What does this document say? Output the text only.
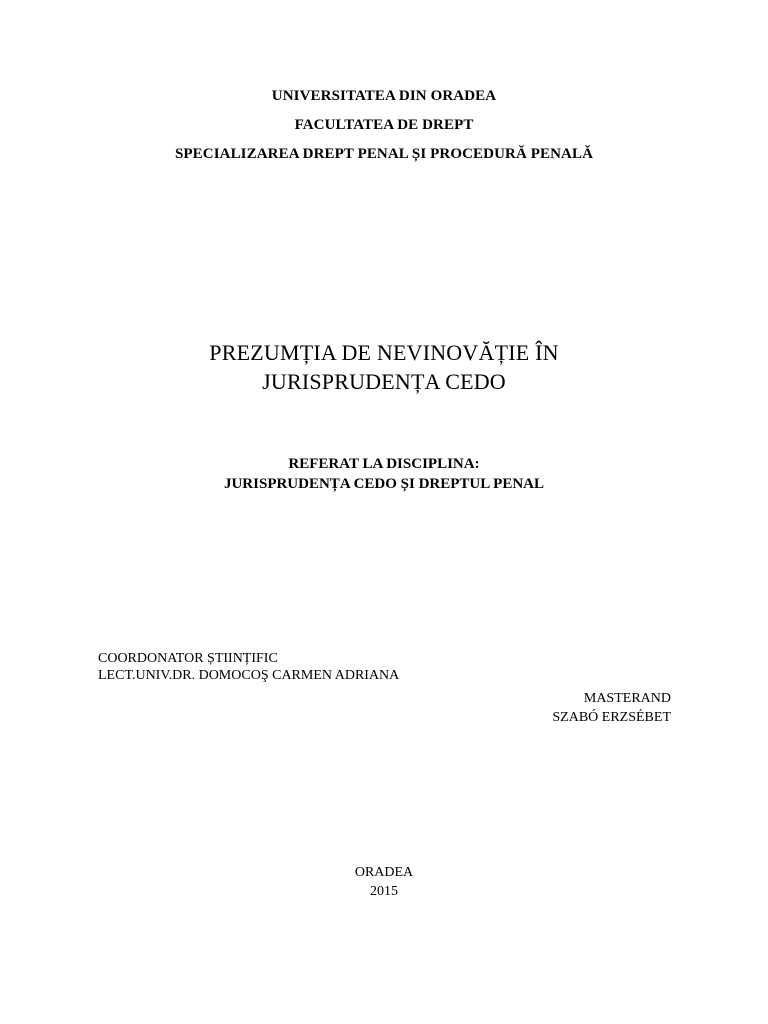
UNIVERSITATEA DIN ORADEA
FACULTATEA DE DREPT
SPECIALIZAREA DREPT PENAL ȘI PROCEDURĂ PENALĂ
PREZUMȚIA DE NEVINOVĂȚIE ÎN
JURISPRUDENȚA CEDO
REFERAT LA DISCIPLINA:
JURISPRUDENȚA CEDO ȘI DREPTUL PENAL
COORDONATOR ȘTIINȚIFIC
LECT.UNIV.DR. DOMOCOŞ CARMEN ADRIANA
MASTERAND
SZABÓ ERZSÉBET
ORADEA
2015
